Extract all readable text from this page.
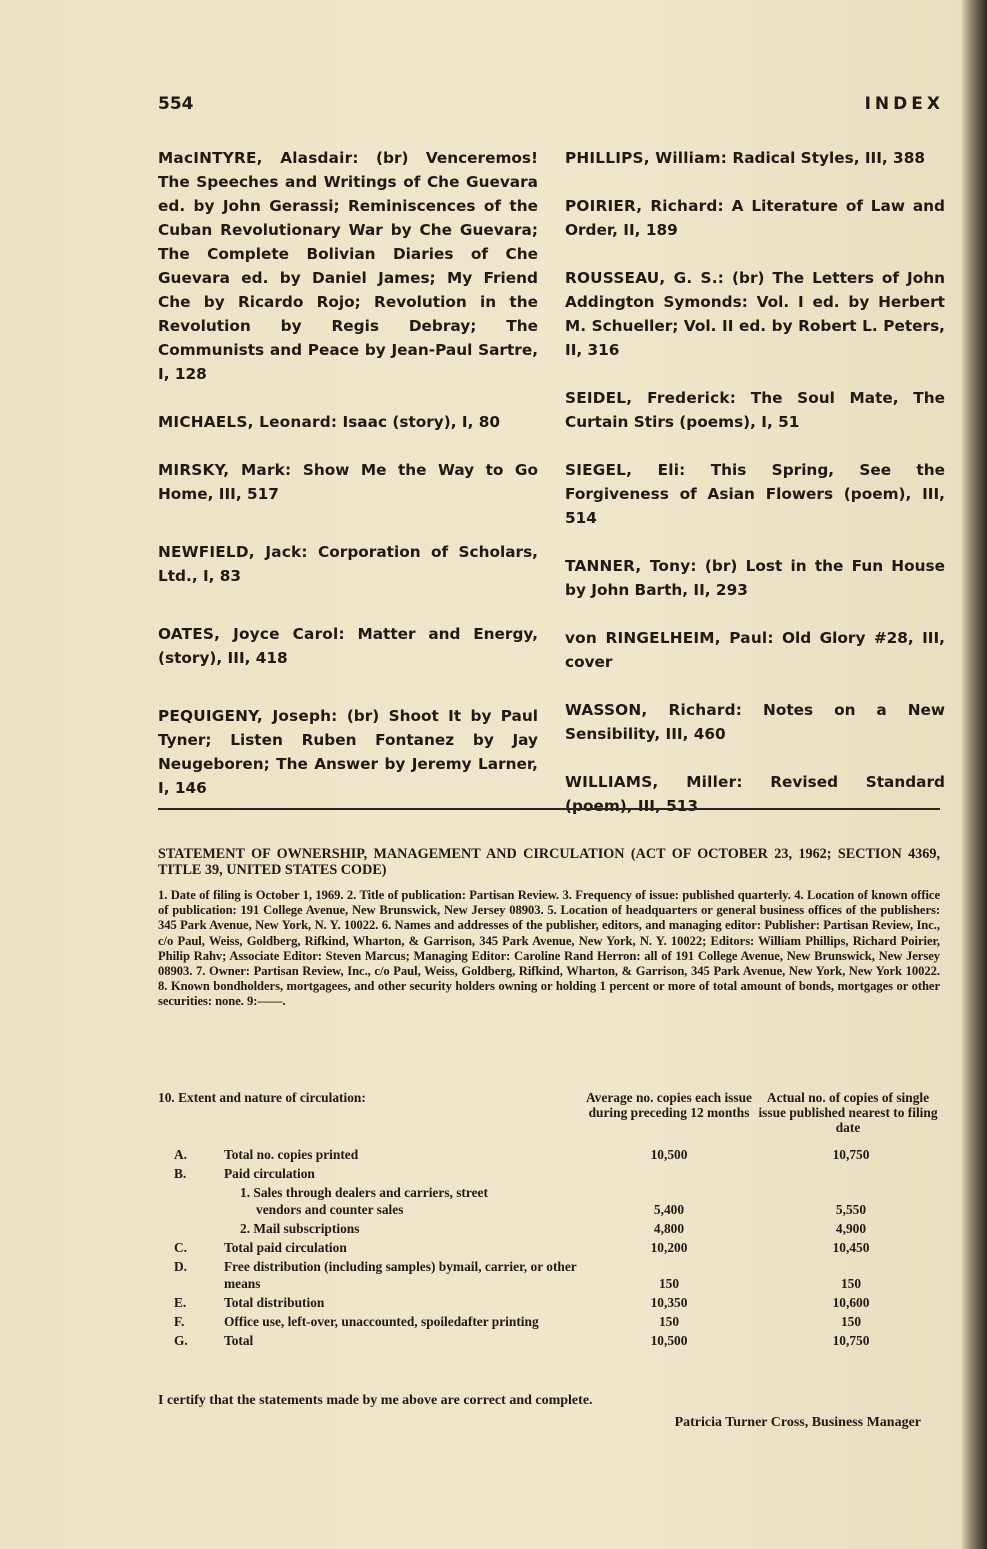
554	INDEX

MacINTYRE, Alasdair: (br) Venceremos! The Speeches and Writings of Che Guevara ed. by John Gerassi; Reminiscences of the Cuban Revolutionary War by Che Guevara; The Complete Bolivian Diaries of Che Guevara ed. by Daniel James; My Friend Che by Ricardo Rojo; Revolution in the Revolution by Regis Debray; The Communists and Peace by Jean-Paul Sartre, I, 128

MICHAELS, Leonard: Isaac (story), I, 80

MIRSKY, Mark: Show Me the Way to Go Home, III, 517

NEWFIELD, Jack: Corporation of Scholars, Ltd., I, 83

OATES, Joyce Carol: Matter and Energy, (story), III, 418

PEQUIGENY, Joseph: (br) Shoot It by Paul Tyner; Listen Ruben Fontanez by Jay Neugeboren; The Answer by Jeremy Larner, I, 146

PHILLIPS, William: Radical Styles, III, 388

POIRIER, Richard: A Literature of Law and Order, II, 189

ROUSSEAU, G. S.: (br) The Letters of John Addington Symonds: Vol. I ed. by Herbert M. Schueller; Vol. II ed. by Robert L. Peters, II, 316

SEIDEL, Frederick: The Soul Mate, The Curtain Stirs (poems), I, 51

SIEGEL, Eli: This Spring, See the Forgiveness of Asian Flowers (poem), III, 514

TANNER, Tony: (br) Lost in the Fun House by John Barth, II, 293

von RINGELHEIM, Paul: Old Glory #28, III, cover

WASSON, Richard: Notes on a New Sensibility, III, 460

WILLIAMS, Miller: Revised Standard (poem), III, 513

STATEMENT OF OWNERSHIP, MANAGEMENT AND CIRCULATION (ACT OF OCTOBER 23, 1962; SECTION 4369, TITLE 39, UNITED STATES CODE)

1. Date of filing is October 1, 1969. 2. Title of publication: Partisan Review. 3. Frequency of issue: published quarterly. 4. Location of known office of publication: 191 College Avenue, New Brunswick, New Jersey 08903. 5. Location of headquarters or general business offices of the publishers: 345 Park Avenue, New York, N. Y. 10022. 6. Names and addresses of the publisher, editors, and managing editor: Publisher: Partisan Review, Inc., c/o Paul, Weiss, Goldberg, Rifkind, Wharton, & Garrison, 345 Park Avenue, New York, N. Y. 10022; Editors: William Phillips, Richard Poirier, Philip Rahv; Associate Editor: Steven Marcus; Managing Editor: Caroline Rand Herron: all of 191 College Avenue, New Brunswick, New Jersey 08903. 7. Owner: Partisan Review, Inc., c/o Paul, Weiss, Goldberg, Rifkind, Wharton, & Garrison, 345 Park Avenue, New York, New York 10022. 8. Known bondholders, mortgagees, and other security holders owning or holding 1 percent or more of total amount of bonds, mortgages or other securities: none. 9:——.

10. Extent and nature of circulation:	Average no. copies each issue during preceding 12 months
Actual no. of copies of single issue published nearest to filing date
A.	Total no. copies printed	10,500	10,750
B.	Paid circulation
1. Sales through dealers and carriers, street
vendors and counter sales	5,400	5,550
2. Mail subscriptions	4,800	4,900
C.	Total paid circulation	10,200	10,450
D.	Free distribution (including samples) bymail, carrier, or other means	150	150
E.	Total distribution	10,350	10,600
F.	Office use, left-over, unaccounted, spoiledafter printing	150	150
G.	Total	10,500	10,750
I certify that the statements made by me above are correct and complete.
Patricia Turner Cross, Business Manager
